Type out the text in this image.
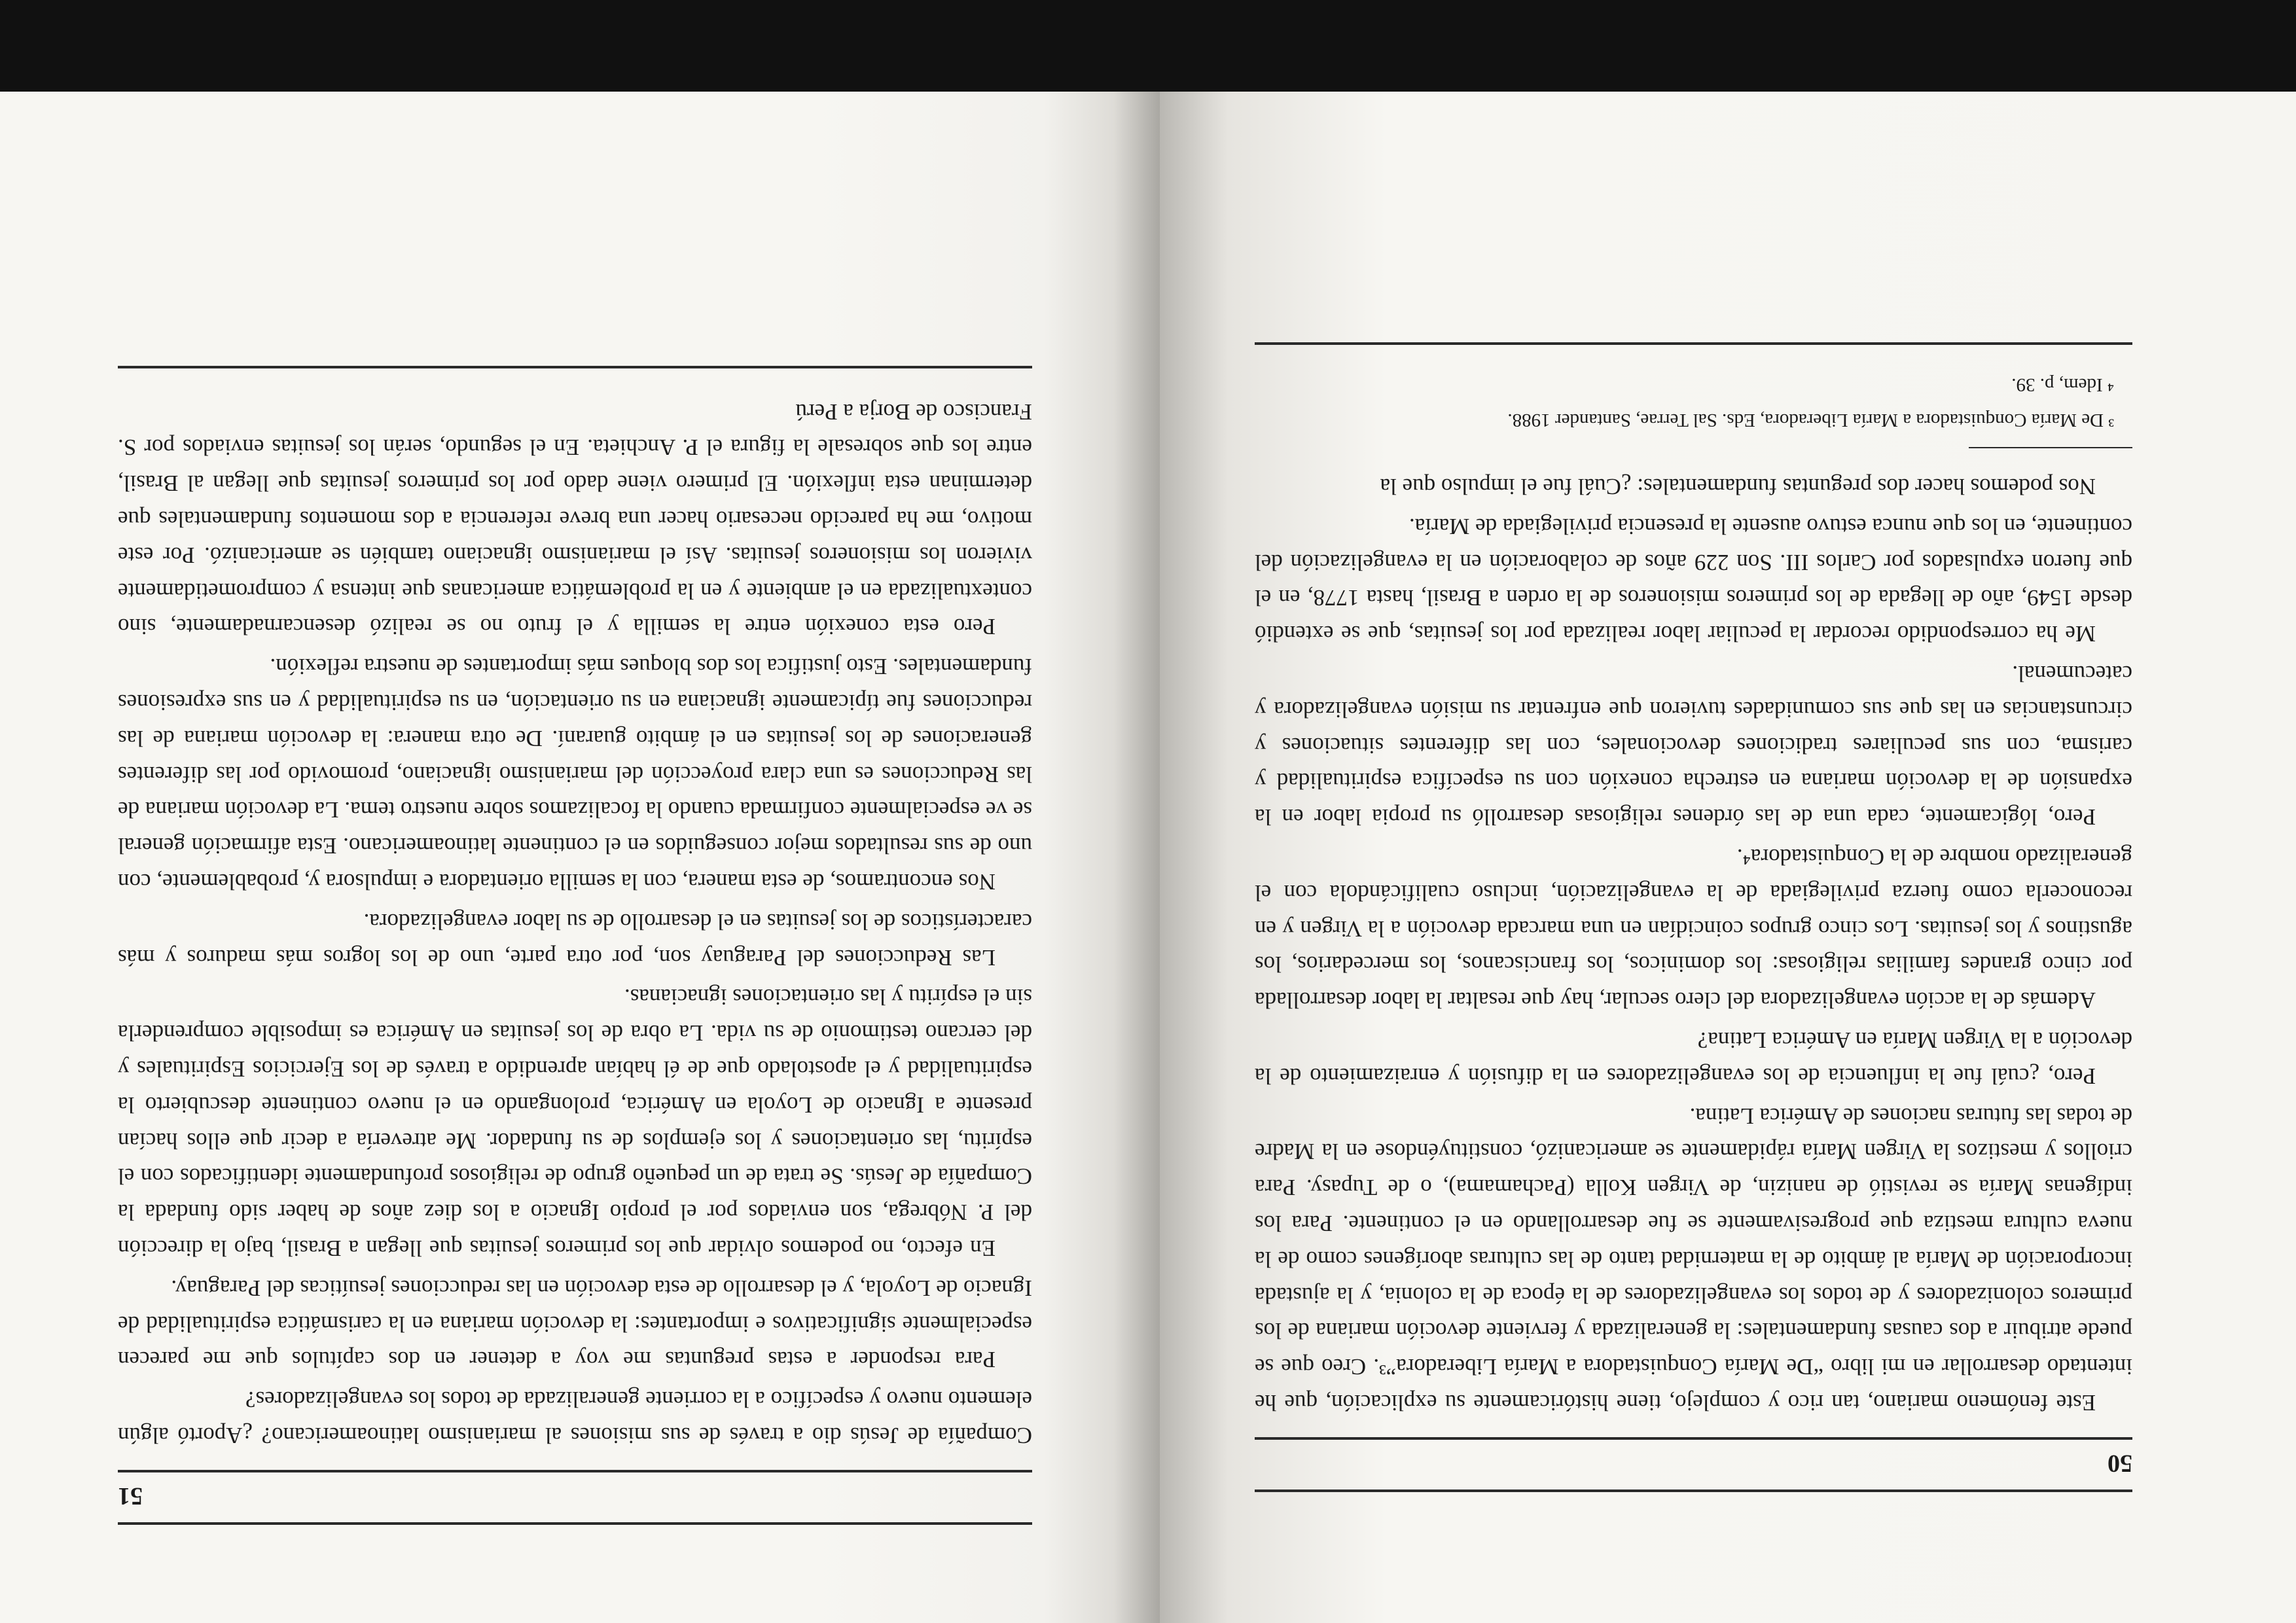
50

Este fenómeno mariano, tan rico y complejo, tiene históricamente su explicación, que he intentado desarrollar en mi libro “De María Conquistadora a María Liberadora”³. Creo que se puede atribuir a dos causas fundamentales: la generalizada y ferviente devoción mariana de los primeros colonizadores y de todos los evangelizadores de la época de la colonia, y la ajustada incorporación de María al ámbito de la maternidad tanto de las culturas aborígenes como de la nueva cultura mestiza que progresivamente se fue desarrollando en el continente. Para los indígenas María se revistió de nanizin, de Virgen Kolla (Pachamama), o de Tupasy. Para criollos y mestizos la Virgen María rápidamente se americanizó, constituyéndose en la Madre de todas las futuras naciones de América Latina.

Pero, ¿cuál fue la influencia de los evangelizadores en la difusión y enraizamiento de la devoción a la Virgen María en América Latina?

Además de la acción evangelizadora del clero secular, hay que resaltar la labor desarrollada por cinco grandes familias religiosas: los dominicos, los franciscanos, los mercedarios, los agustinos y los jesuitas. Los cinco grupos coincidían en una marcada devoción a la Virgen y en reconocerla como fuerza privilegiada de la evangelización, incluso cualificándola con el generalizado nombre de la Conquistadora⁴.

Pero, lógicamente, cada una de las órdenes religiosas desarrolló su propia labor en la expansión de la devoción mariana en estrecha conexión con su específica espiritualidad y carisma, con sus peculiares tradiciones devocionales, con las diferentes situaciones y circunstancias en las que sus comunidades tuvieron que enfrentar su misión evangelizadora y catecumenal.

Me ha correspondido recordar la peculiar labor realizada por los jesuitas, que se extendió desde 1549, año de llegada de los primeros misioneros de la orden a Brasil, hasta 1778, en el que fueron expulsados por Carlos III. Son 229 años de colaboración en la evangelización del continente, en los que nunca estuvo ausente la presencia privilegiada de María.

Nos podemos hacer dos preguntas fundamentales: ¿Cuál fue el impulso que la

³ De María Conquistadora a María Liberadora, Eds. Sal Terrae, Santander 1988.

⁴ Idem, p. 39.

51

Compañía de Jesús dio a través de sus misiones al marianismo latinoamericano? ¿Aportó algún elemento nuevo y específico a la corriente generalizada de todos los evangelizadores?

Para responder a estas preguntas me voy a detener en dos capítulos que me parecen especialmente significativos e importantes: la devoción mariana en la carismática espiritualidad de Ignacio de Loyola, y el desarrollo de esta devoción en las reducciones jesuíticas del Paraguay.

En efecto, no podemos olvidar que los primeros jesuitas que llegan a Brasil, bajo la dirección del P. Nóbrega, son enviados por el propio Ignacio a los diez años de haber sido fundada la Compañía de Jesús. Se trata de un pequeño grupo de religiosos profundamente identificados con el espíritu, las orientaciones y los ejemplos de su fundador. Me atrevería a decir que ellos hacían presente a Ignacio de Loyola en América, prolongando en el nuevo continente descubierto la espiritualidad y el apostolado que de él habían aprendido a través de los Ejercicios Espirituales y del cercano testimonio de su vida. La obra de los jesuitas en América es imposible comprenderla sin el espíritu y las orientaciones ignacianas.

Las Reducciones del Paraguay son, por otra parte, uno de los logros más maduros y más característicos de los jesuitas en el desarrollo de su labor evangelizadora.

Nos encontramos, de esta manera, con la semilla orientadora e impulsora y, probablemente, con uno de sus resultados mejor conseguidos en el continente latinoamericano. Esta afirmación general se ve especialmente confirmada cuando la focalizamos sobre nuestro tema. La devoción mariana de las Reducciones es una clara proyección del marianismo ignaciano, promovido por las diferentes generaciones de los jesuitas en el ámbito guaraní. De otra manera: la devoción mariana de las reducciones fue típicamente ignaciana en su orientación, en su espiritualidad y en sus expresiones fundamentales. Esto justifica los dos bloques más importantes de nuestra reflexión.

Pero esta conexión entre la semilla y el fruto no se realizó desencarnadamente, sino contextualizada en el ambiente y en la problemática americanas que intensa y comprometidamente vivieron los misioneros jesuitas. Así el marianismo ignaciano también se americanizó. Por este motivo, me ha parecido necesario hacer una breve referencia a dos momentos fundamentales que determinan esta inflexión. El primero viene dado por los primeros jesuitas que llegan al Brasil, entre los que sobresale la figura el P. Anchieta. En el segundo, serán los jesuitas enviados por S. Francisco de Borja a Perú
